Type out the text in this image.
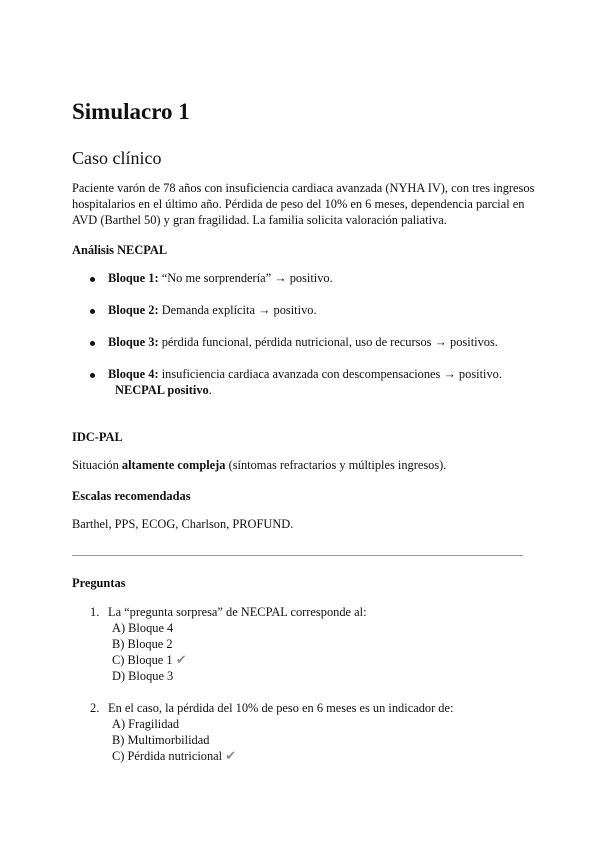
Simulacro 1
Caso clínico
Paciente varón de 78 años con insuficiencia cardiaca avanzada (NYHA IV), con tres ingresos
hospitalarios en el último año. Pérdida de peso del 10% en 6 meses, dependencia parcial en
AVD (Barthel 50) y gran fragilidad. La familia solicita valoración paliativa.
Análisis NECPAL
Bloque 1: “No me sorprendería” → positivo.
Bloque 2: Demanda explícita → positivo.
Bloque 3: pérdida funcional, pérdida nutricional, uso de recursos → positivos.
Bloque 4: insuficiencia cardiaca avanzada con descompensaciones → positivo.
NECPAL positivo.
IDC-PAL
Situación altamente compleja (síntomas refractarios y múltiples ingresos).
Escalas recomendadas
Barthel, PPS, ECOG, Charlson, PROFUND.
Preguntas
1. La “pregunta sorpresa” de NECPAL corresponde al:
A) Bloque 4
B) Bloque 2
C) Bloque 1 ✔
D) Bloque 3
2. En el caso, la pérdida del 10% de peso en 6 meses es un indicador de:
A) Fragilidad
B) Multimorbilidad
C) Pérdida nutricional ✔
